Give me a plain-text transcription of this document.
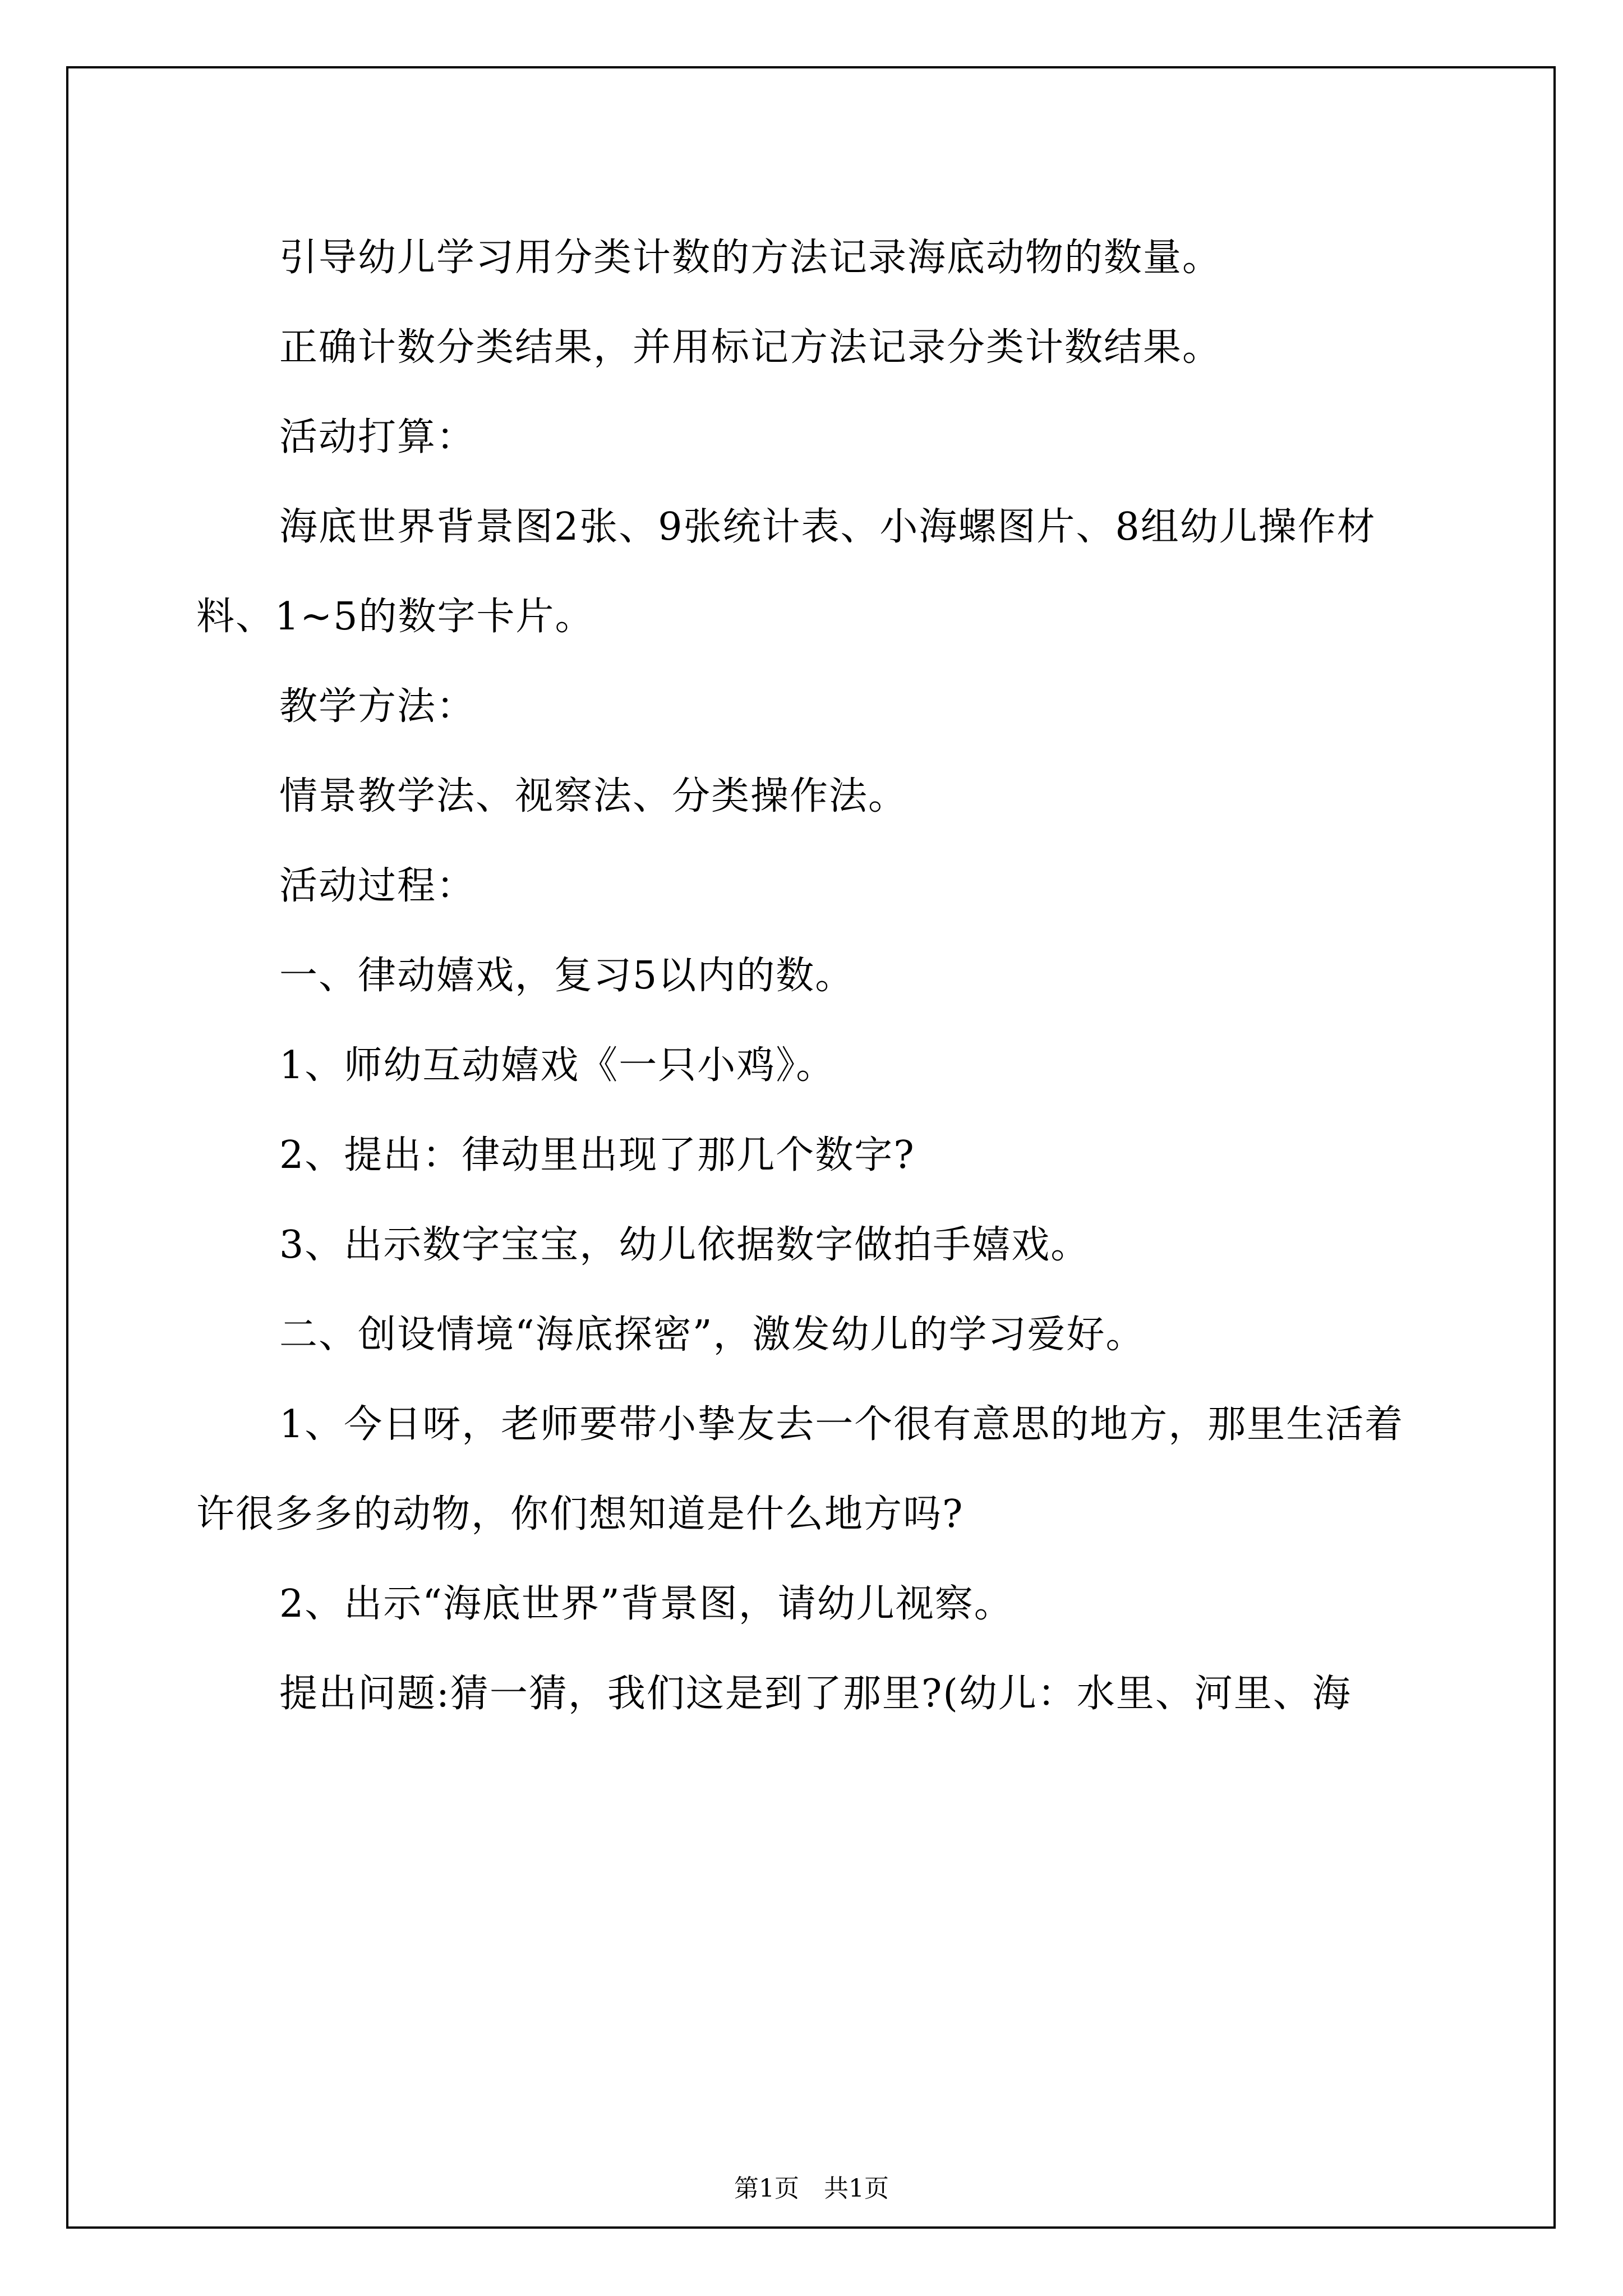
引导幼儿学习用分类计数的方法记录海底动物的数量。

正确计数分类结果，并用标记方法记录分类计数结果。

活动打算：

海底世界背景图2张、9张统计表、小海螺图片、8组幼儿操作材料、1~5的数字卡片。

教学方法：

情景教学法、视察法、分类操作法。

活动过程：

一、律动嬉戏，复习5以内的数。

1、师幼互动嬉戏《一只小鸡》。

2、提出：律动里出现了那几个数字?

3、出示数字宝宝，幼儿依据数字做拍手嬉戏。

二、创设情境“海底探密”，激发幼儿的学习爱好。

1、今日呀，老师要带小挚友去一个很有意思的地方，那里生活着许很多多的动物，你们想知道是什么地方吗?

2、出示“海底世界”背景图，请幼儿视察。

提出问题:猜一猜，我们这是到了那里?(幼儿：水里、河里、海

第1页　共1页
